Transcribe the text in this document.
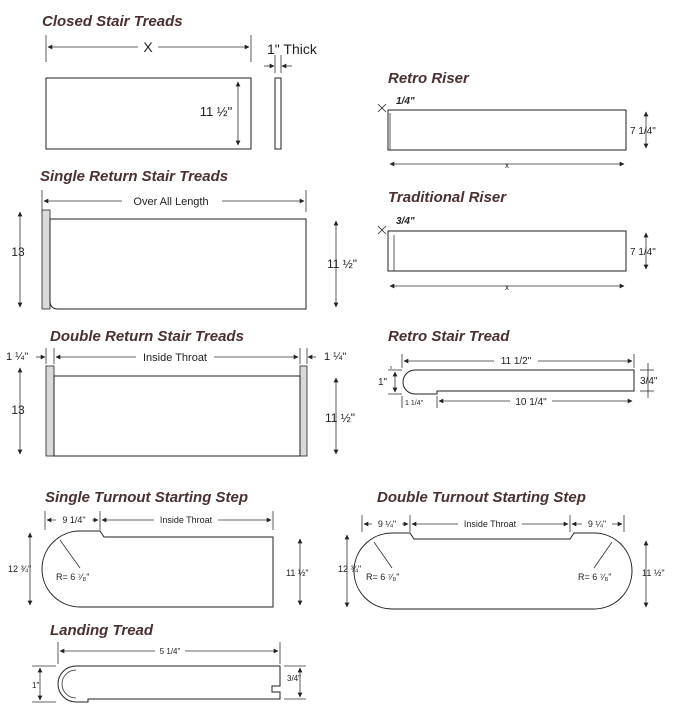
Closed Stair Treads
X
11 ½"
1" Thick
Single Return Stair Treads
Over All Length
13
11 ½"
Double Return Stair Treads
1 ¼"	Inside Throat	1 ¼"
13
11 ½"
Retro Riser
1/4"
7 1/4"
x
Traditional Riser
3/4"
7 1/4"
x
Retro Stair Tread
11 1/2"
1"	3/4"
1 1/4"	10 1/4"
Single Turnout Starting Step
9 1/4"	Inside Throat
R= 6 ⁷⁄₈"
12 ¾"	11 ½"
Double Turnout Starting Step
9 ¼"	Inside Throat	9 ¼"
R= 6 ⁷⁄₈"	R= 6 ⁷⁄₈"
12 ¾"	11 ½"
Landing Tread
5 1/4"
1"
3/4"
